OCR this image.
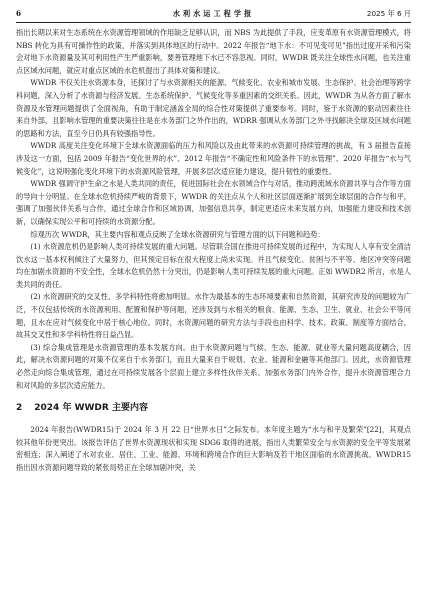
6	水利水运工程学报	2025 年 6 月

指出长期以来对生态系统在水资源管理领域的作用缺乏足够认识，而 NBS 为此提供了手段，应变革原有水资源管理模式，将 NBS 转化为具有可操作性的政策，并落实到具体地区的行动中。2022 年报告“地下水：不可见变可见”指出过度开采和污染会对地下水资源量及其可利用性产生严重影响，要善管理地下水已不容忽视。同时，WWDR 既关注全球性水问题，也关注重点区域水问题，就应对重点区域的水危机提出了具体对策和建议。

WWDR 不仅关注水资源本身，还探讨了与水资源相关的能源、气候变化、农业和城市发展、生态保护、社会治理等跨学科问题，深入分析了水资源与经济发展、生态系统保护、气候变化等多重因素的交织关系。因此，WWDR 为从各方面了解水资源及水管理问题提供了全面视角，有助于制定涵盖全局的综合性对策提供了重要参考。同时，鉴于水资源的驱动因素往往来自外部，且影响水管理的重要决策往往是在水务部门之外作出的，WDRR 强调从水务部门之外寻找解决全球及区域水问题的思路和方法，直至今日仍具有较强指导性。

WWDR 高度关注变化环境下全球水资源面临的压力和风险以及由此带来的水资源可持续管理的挑战，有 3 届报告直接涉及这一方面，包括 2009 年报告“变化世界的水”、2012 年报告“不确定性和风险条件下的水管理”、2020 年报告“水与气候变化”，这说明强化变化环境下的水资源风险管理，开展多层次适应能力建设，提升韧性的重要性。

WWDR 强调守护生命之水是人类共同的责任，促进国际社会在水领域合作与对话，推动跨流域水资源共享与合作等方面的导向十分明显。在全球水危机持续严峻的背景下，WWDR 的关注点从个人和社区层面逐渐扩展到全球层面的合作与和平，强调了加强伙伴关系与合作，通过全球合作和区域协调，加强信息共享，制定更适应未来发展方向，加强能力建设和技术创新，以确保实现公平和可持续的水资源分配。

综观历次 WWDR，其主要内容和观点反映了全球水资源研究与管理方面的以下问题和趋势：

(1) 水资源危机仍是影响人类可持续发展的重大问题。尽管联合国在推进可持续发展的过程中，为实现人人享有安全清洁饮水这一基本权利倾注了大量努力，但其预定目标在很大程度上尚未实现。并且气候变化、贫困与不平等、地区冲突等问题均在加剧水资源的不安全性，全球水危机仍然十分突出，仍是影响人类可持续发展的重大问题。正如 WWDR2 所言，水是人类共同的责任。

(2) 水资源研究的交叉性、多学科特性将愈加明显。水作为最基本的生态环境要素和自然资源，其研究涉及的问题较为广泛，不仅包括传统的水资源利用、配置和保护等问题，还涉及到与水相关的粮食、能源、生态、卫生、就业、社会公平等问题，且水在应对气候变化中居于核心地位。同时，水资源问题的研究方法与手段也由科学、技术、政策、制度等方面结合，故其交叉性和多学科特性将日益凸显。

(3) 综合集成管理是水资源管理的基本发展方向。由于水资源问题与气候、生态、能源、就业等大量问题高度耦合，因此，解决水资源问题的对策不仅来自于水务部门，而且大量来自于规划、农业、能源和金融等其他部门。因此，水资源管理必然走向综合集成管理，通过在可持续发展各个层面上建立多样性伙伴关系、加强水务部门内外合作，提升水资源管理合力和对风险的多层次适应能力。

2 2024 年 WWDR 主要内容

2024 年报告(WWDR15)于 2024 年 3 月 22 日“世界水日”之际发布。本年度主题为“水与和平及繁荣”[22]，其观点较其他年份更突出。该报告评估了世界水资源现状和实现 SDG6 取得的进展，指出人类繁荣安全与水资源的安全平等发展紧密相连；深入阐述了水对农业、居住、工业、能源、环境和跨境合作的巨大影响及若干地区面临的水资源挑战。WWDR15 指出因水资源问题导致的紧张局势正在全球加剧冲突，关
